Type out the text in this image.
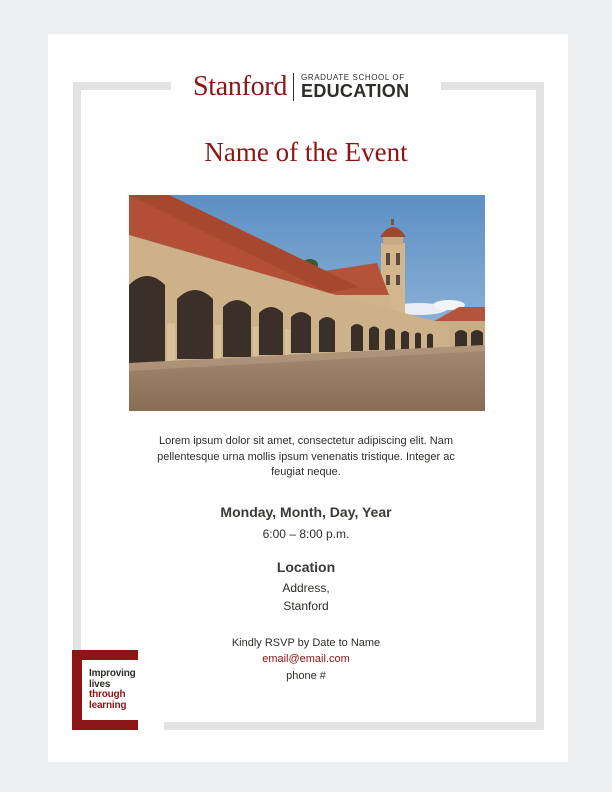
Stanford GRADUATE SCHOOL OF
EDUCATION
Name of the Event
Lorem ipsum dolor sit amet, consectetur adipiscing elit. Nam pellentesque urna mollis ipsum venenatis tristique. Integer ac feugiat neque.
Monday, Month, Day, Year
6:00 – 8:00 p.m.
Location
Address,
Stanford
Kindly RSVP by Date to Name
email@email.com
phone #
Improving
lives
through
learning
